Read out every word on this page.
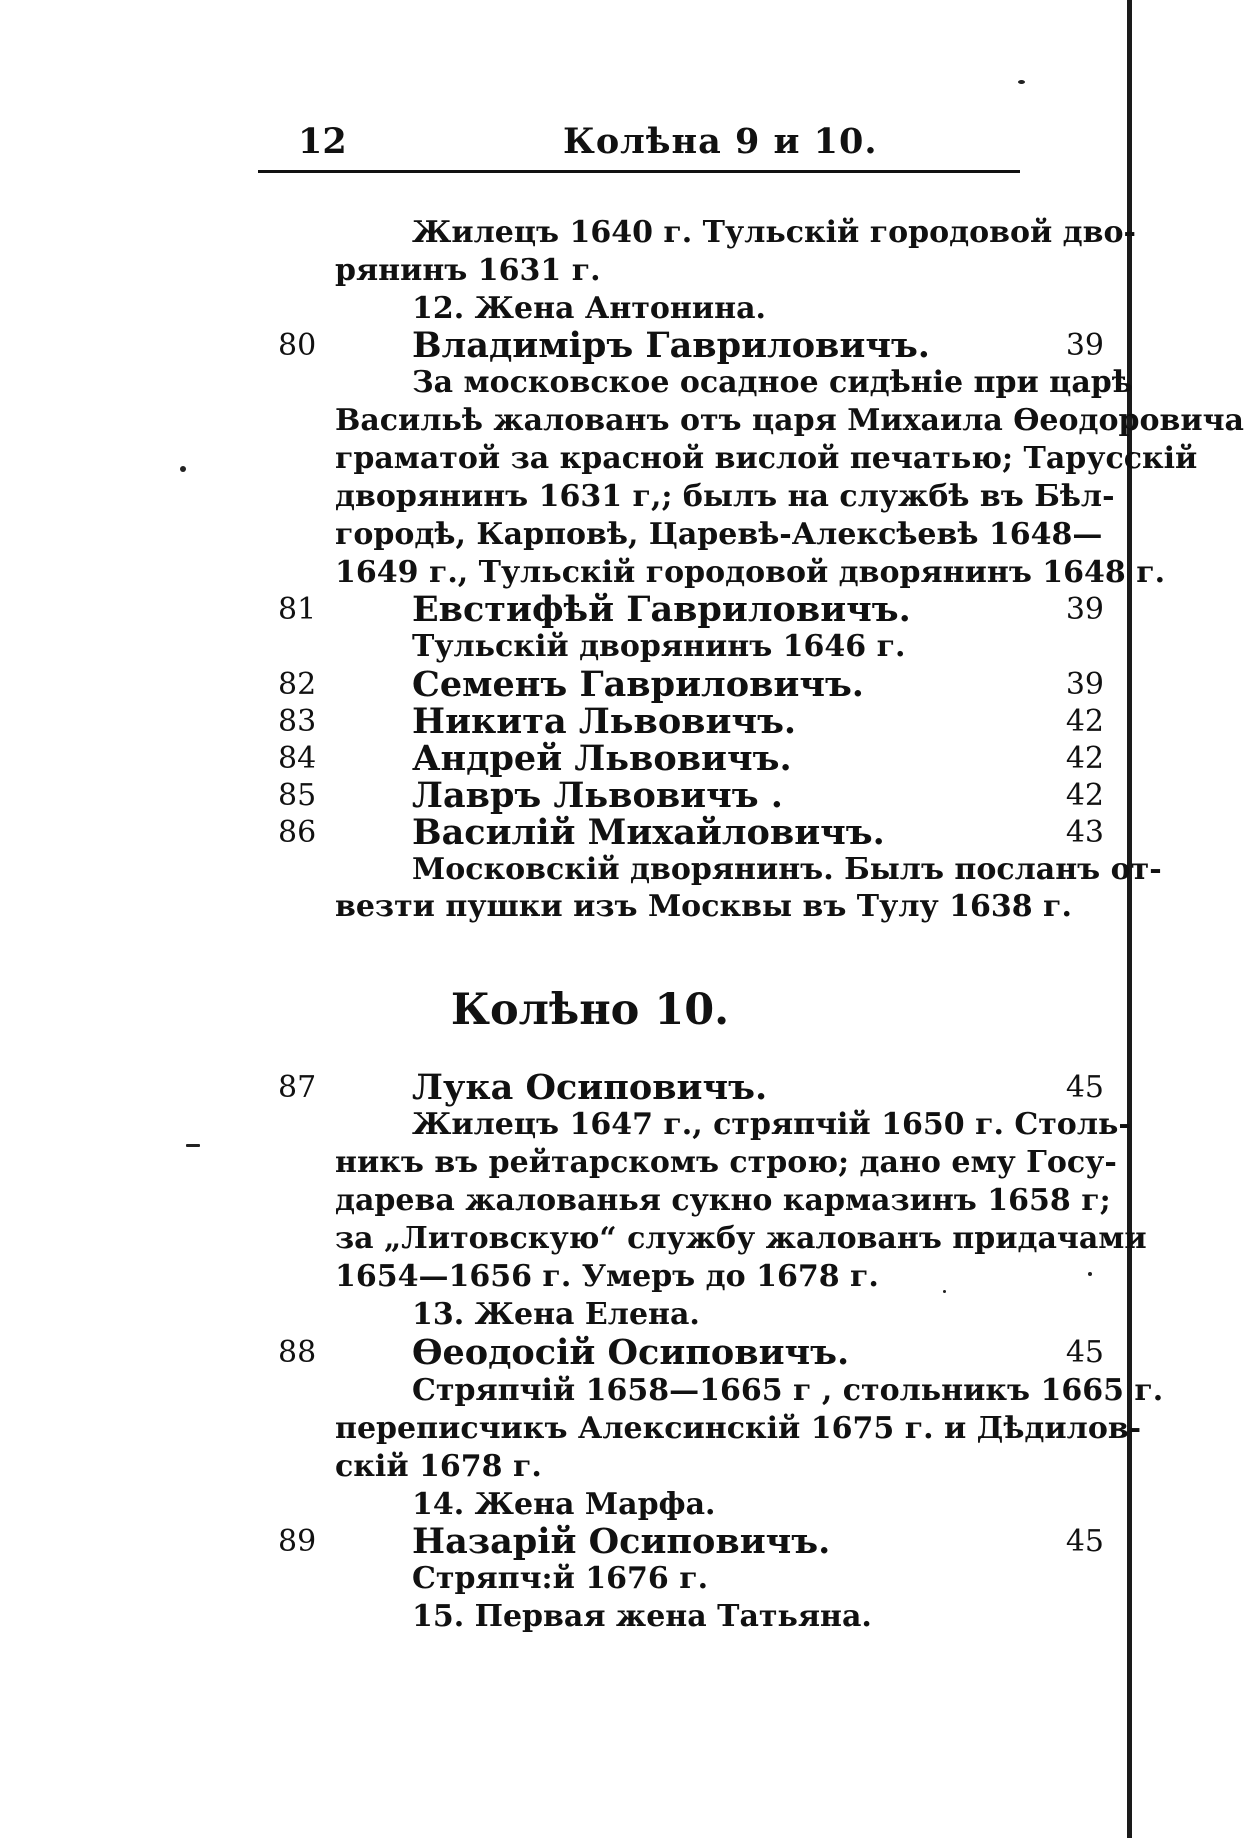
12	Колѣна 9 и 10.
Жилецъ 1640 г. Тульскій городовой дво-
рянинъ 1631 г.
12. Жена Антонина.
80	Владиміръ Гавриловичъ.	39
За московское осадное сидѣніе при царѣ
Васильѣ жалованъ отъ царя Михаила Ѳеодоровича
граматой за красной вислой печатью; Тарусскій
дворянинъ 1631 г,; былъ на службѣ въ Бѣл-
городѣ, Карповѣ, Царевѣ-Алексѣевѣ 1648—
1649 г., Тульскій городовой дворянинъ 1648 г.
81	Евстифѣй Гавриловичъ.	39
Тульскій дворянинъ 1646 г.
82	Семенъ Гавриловичъ.	39
83	Никита Львовичъ.	42
84	Андрей Львовичъ.	42
85	Лавръ Львовичъ .	42
86	Василій Михайловичъ.	43
Московскій дворянинъ. Былъ посланъ от-
везти пушки изъ Москвы въ Тулу 1638 г.
87	Лука Осиповичъ.	45
Жилецъ 1647 г., стряпчій 1650 г. Столь-
никъ въ рейтарскомъ строю; дано ему Госу-
дарева жалованья сукно кармазинъ 1658 г;
за „Литовскую“ службу жалованъ придачами
1654—1656 г. Умеръ до 1678 г.
13. Жена Елена.
88	Ѳеодосій Осиповичъ.	45
Стряпчій 1658—1665 г , стольникъ 1665 г.
переписчикъ Алексинскій 1675 г. и Дѣдилов-
скій 1678 г.
14. Жена Марфа.
89	Назарій Осиповичъ.	45
Стряпч:й 1676 г.
15. Первая жена Татьяна.
Колѣно 10.
